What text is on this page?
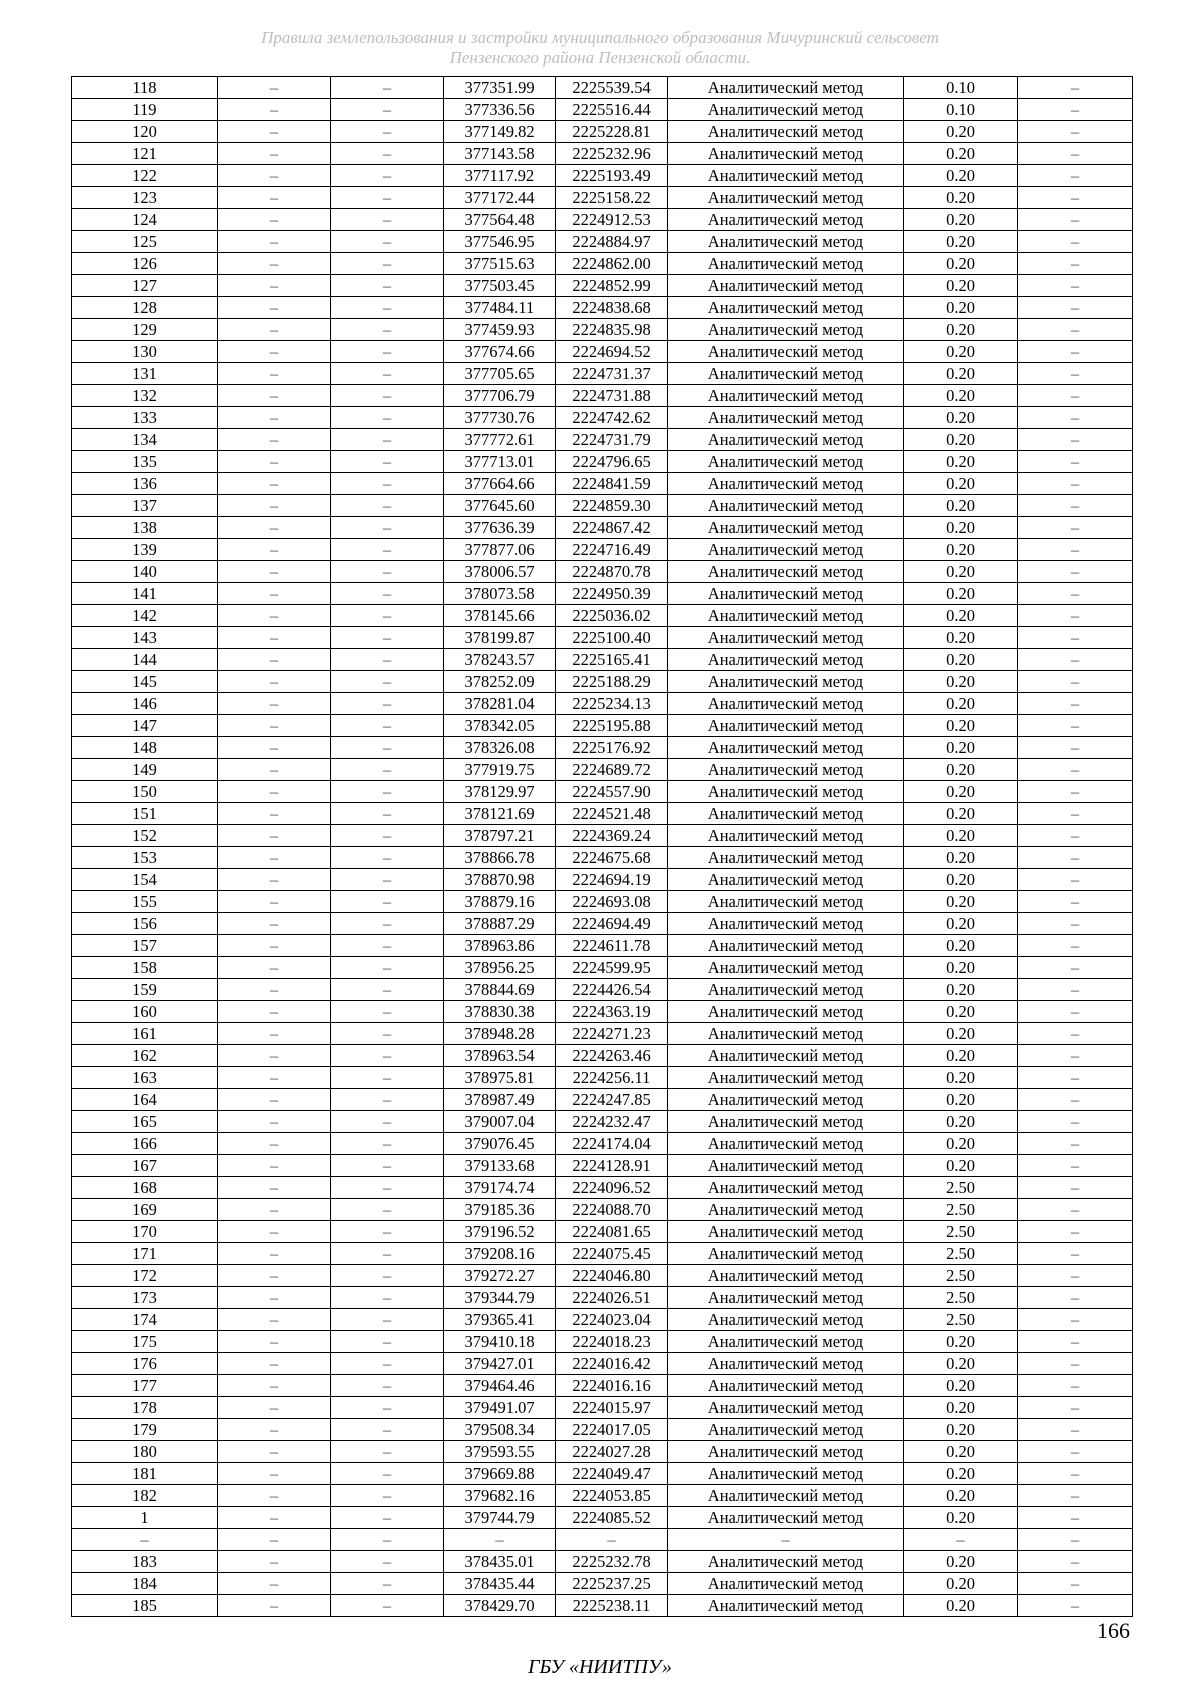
Правила землепользования и застройки муниципального образования Мичуринский сельсовет
Пензенского района Пензенской области.
118	–	–	377351.99	2225539.54	Аналитический метод	0.10	–
119	–	–	377336.56	2225516.44	Аналитический метод	0.10	–
120	–	–	377149.82	2225228.81	Аналитический метод	0.20	–
121	–	–	377143.58	2225232.96	Аналитический метод	0.20	–
122	–	–	377117.92	2225193.49	Аналитический метод	0.20	–
123	–	–	377172.44	2225158.22	Аналитический метод	0.20	–
124	–	–	377564.48	2224912.53	Аналитический метод	0.20	–
125	–	–	377546.95	2224884.97	Аналитический метод	0.20	–
126	–	–	377515.63	2224862.00	Аналитический метод	0.20	–
127	–	–	377503.45	2224852.99	Аналитический метод	0.20	–
128	–	–	377484.11	2224838.68	Аналитический метод	0.20	–
129	–	–	377459.93	2224835.98	Аналитический метод	0.20	–
130	–	–	377674.66	2224694.52	Аналитический метод	0.20	–
131	–	–	377705.65	2224731.37	Аналитический метод	0.20	–
132	–	–	377706.79	2224731.88	Аналитический метод	0.20	–
133	–	–	377730.76	2224742.62	Аналитический метод	0.20	–
134	–	–	377772.61	2224731.79	Аналитический метод	0.20	–
135	–	–	377713.01	2224796.65	Аналитический метод	0.20	–
136	–	–	377664.66	2224841.59	Аналитический метод	0.20	–
137	–	–	377645.60	2224859.30	Аналитический метод	0.20	–
138	–	–	377636.39	2224867.42	Аналитический метод	0.20	–
139	–	–	377877.06	2224716.49	Аналитический метод	0.20	–
140	–	–	378006.57	2224870.78	Аналитический метод	0.20	–
141	–	–	378073.58	2224950.39	Аналитический метод	0.20	–
142	–	–	378145.66	2225036.02	Аналитический метод	0.20	–
143	–	–	378199.87	2225100.40	Аналитический метод	0.20	–
144	–	–	378243.57	2225165.41	Аналитический метод	0.20	–
145	–	–	378252.09	2225188.29	Аналитический метод	0.20	–
146	–	–	378281.04	2225234.13	Аналитический метод	0.20	–
147	–	–	378342.05	2225195.88	Аналитический метод	0.20	–
148	–	–	378326.08	2225176.92	Аналитический метод	0.20	–
149	–	–	377919.75	2224689.72	Аналитический метод	0.20	–
150	–	–	378129.97	2224557.90	Аналитический метод	0.20	–
151	–	–	378121.69	2224521.48	Аналитический метод	0.20	–
152	–	–	378797.21	2224369.24	Аналитический метод	0.20	–
153	–	–	378866.78	2224675.68	Аналитический метод	0.20	–
154	–	–	378870.98	2224694.19	Аналитический метод	0.20	–
155	–	–	378879.16	2224693.08	Аналитический метод	0.20	–
156	–	–	378887.29	2224694.49	Аналитический метод	0.20	–
157	–	–	378963.86	2224611.78	Аналитический метод	0.20	–
158	–	–	378956.25	2224599.95	Аналитический метод	0.20	–
159	–	–	378844.69	2224426.54	Аналитический метод	0.20	–
160	–	–	378830.38	2224363.19	Аналитический метод	0.20	–
161	–	–	378948.28	2224271.23	Аналитический метод	0.20	–
162	–	–	378963.54	2224263.46	Аналитический метод	0.20	–
163	–	–	378975.81	2224256.11	Аналитический метод	0.20	–
164	–	–	378987.49	2224247.85	Аналитический метод	0.20	–
165	–	–	379007.04	2224232.47	Аналитический метод	0.20	–
166	–	–	379076.45	2224174.04	Аналитический метод	0.20	–
167	–	–	379133.68	2224128.91	Аналитический метод	0.20	–
168	–	–	379174.74	2224096.52	Аналитический метод	2.50	–
169	–	–	379185.36	2224088.70	Аналитический метод	2.50	–
170	–	–	379196.52	2224081.65	Аналитический метод	2.50	–
171	–	–	379208.16	2224075.45	Аналитический метод	2.50	–
172	–	–	379272.27	2224046.80	Аналитический метод	2.50	–
173	–	–	379344.79	2224026.51	Аналитический метод	2.50	–
174	–	–	379365.41	2224023.04	Аналитический метод	2.50	–
175	–	–	379410.18	2224018.23	Аналитический метод	0.20	–
176	–	–	379427.01	2224016.42	Аналитический метод	0.20	–
177	–	–	379464.46	2224016.16	Аналитический метод	0.20	–
178	–	–	379491.07	2224015.97	Аналитический метод	0.20	–
179	–	–	379508.34	2224017.05	Аналитический метод	0.20	–
180	–	–	379593.55	2224027.28	Аналитический метод	0.20	–
181	–	–	379669.88	2224049.47	Аналитический метод	0.20	–
182	–	–	379682.16	2224053.85	Аналитический метод	0.20	–
1	–	–	379744.79	2224085.52	Аналитический метод	0.20	–
–	–	–	–	–	–	–	–
183	–	–	378435.01	2225232.78	Аналитический метод	0.20	–
184	–	–	378435.44	2225237.25	Аналитический метод	0.20	–
185	–	–	378429.70	2225238.11	Аналитический метод	0.20	–
166
ГБУ «НИИТПУ»
